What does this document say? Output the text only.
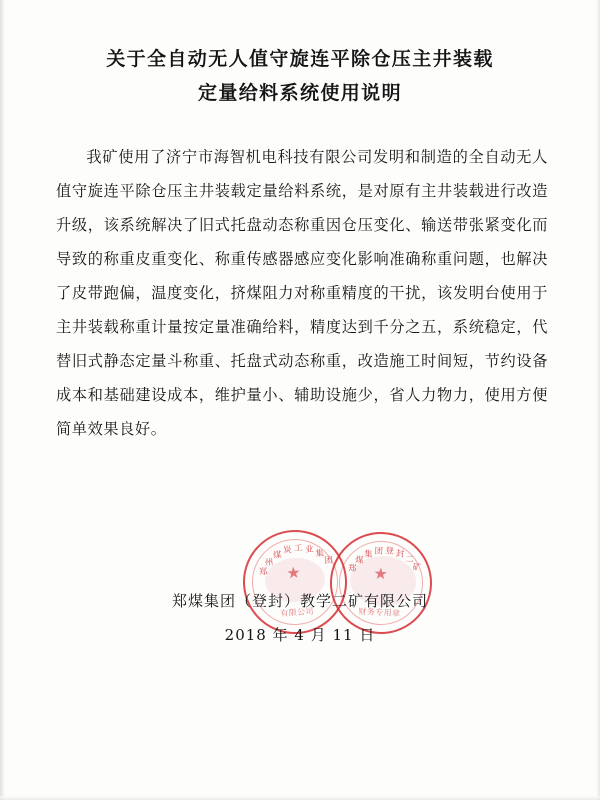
关于全自动无人值守旋连平除仓压主井装载
定量给料系统使用说明

我矿使用了济宁市海智机电科技有限公司发明和制造的全自动无人值守旋连平除仓压主井装载定量给料系统，是对原有主井装载进行改造升级，该系统解决了旧式托盘动态称重因仓压变化、输送带张紧变化而导致的称重皮重变化、称重传感器感应变化影响准确称重问题，也解决了皮带跑偏，温度变化，挤煤阻力对称重精度的干扰，该发明台使用于主井装载称重计量按定量准确给料，精度达到千分之五，系统稳定，代替旧式静态定量斗称重、托盘式动态称重，改造施工时间短，节约设备成本和基础建设成本，维护量小、辅助设施少，省人力物力，使用方便简单效果良好。

郑
州
煤 炭 工 业 集
团
有限公司
郑
煤
集 团 登 封
二
矿
财务专用章
郑煤集团（登封）教学二矿有限公司
2018 年 4 月 11 日
